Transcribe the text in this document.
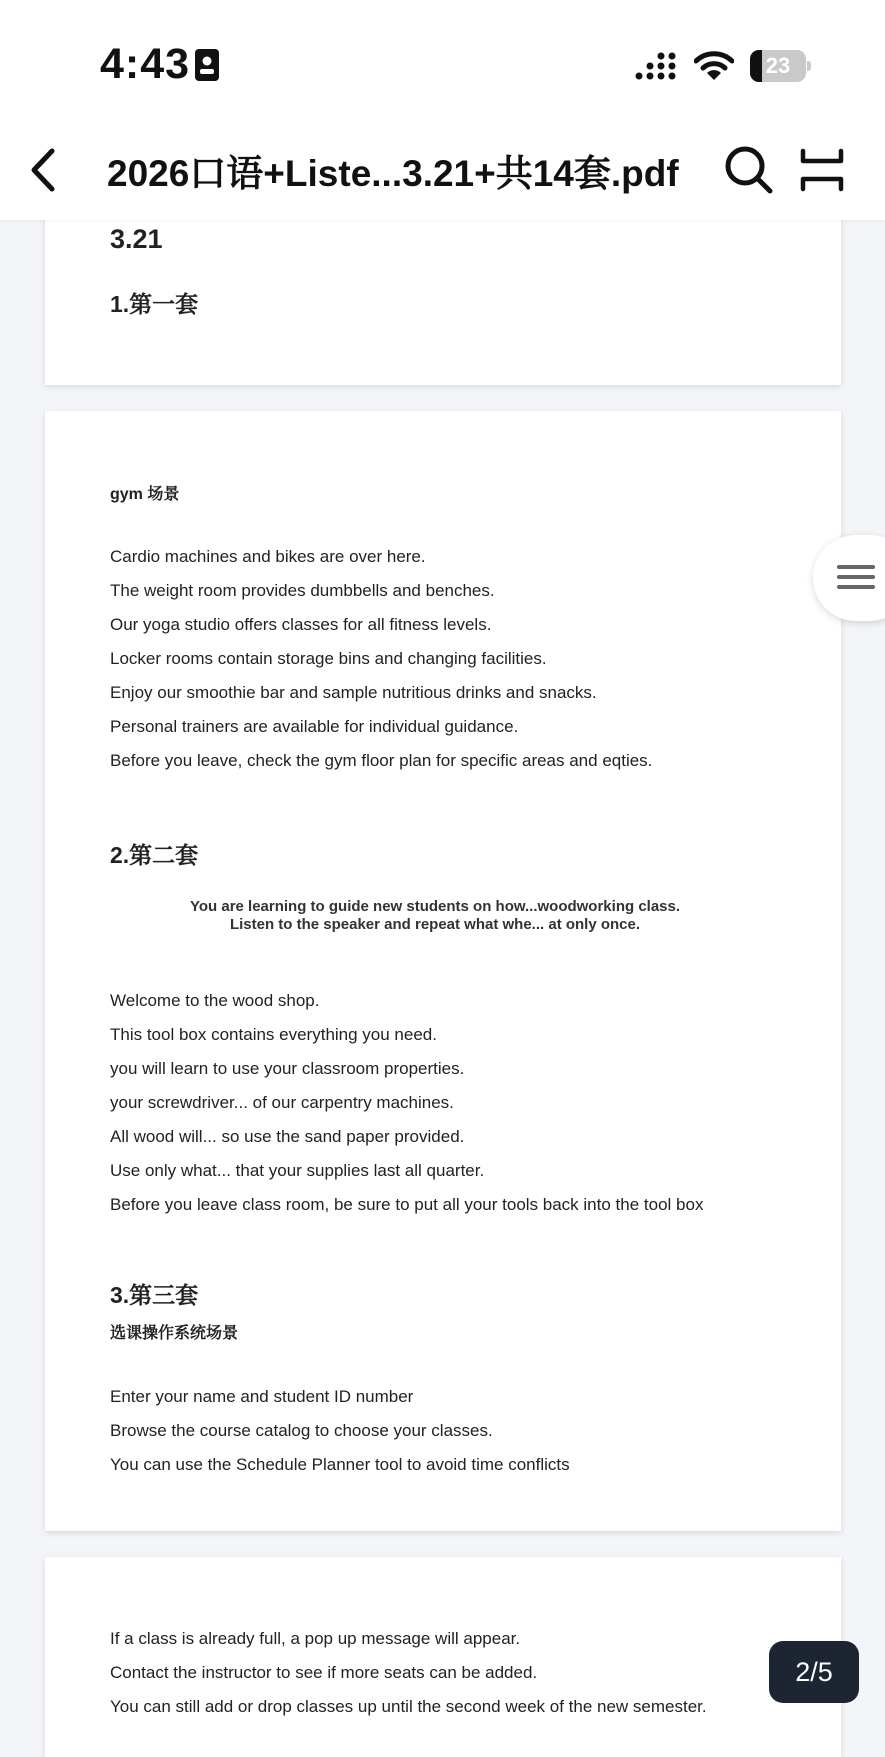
4:43	23
2026口语+Liste...3.21+共14套.pdf
3.21
1.第一套
gym 场景
Cardio machines and bikes are over here.
The weight room provides dumbbells and benches.
Our yoga studio offers classes for all fitness levels.
Locker rooms contain storage bins and changing facilities.
Enjoy our smoothie bar and sample nutritious drinks and snacks.
Personal trainers are available for individual guidance.
Before you leave, check the gym floor plan for specific areas and eqties.
2.第二套
You are learning to guide new students on how...woodworking class.
Listen to the speaker and repeat what whe... at only once.
Welcome to the wood shop.
This tool box contains everything you need.
you will learn to use your classroom properties.
your screwdriver... of our carpentry machines.
All wood will... so use the sand paper provided.
Use only what... that your supplies last all quarter.
Before you leave class room, be sure to put all your tools back into the tool box
3.第三套
选课操作系统场景
Enter your name and student ID number
Browse the course catalog to choose your classes.
You can use the Schedule Planner tool to avoid time conflicts
If a class is already full, a pop up message will appear.
Contact the instructor to see if more seats can be added.
You can still add or drop classes up until the second week of the new semester.
2/5
